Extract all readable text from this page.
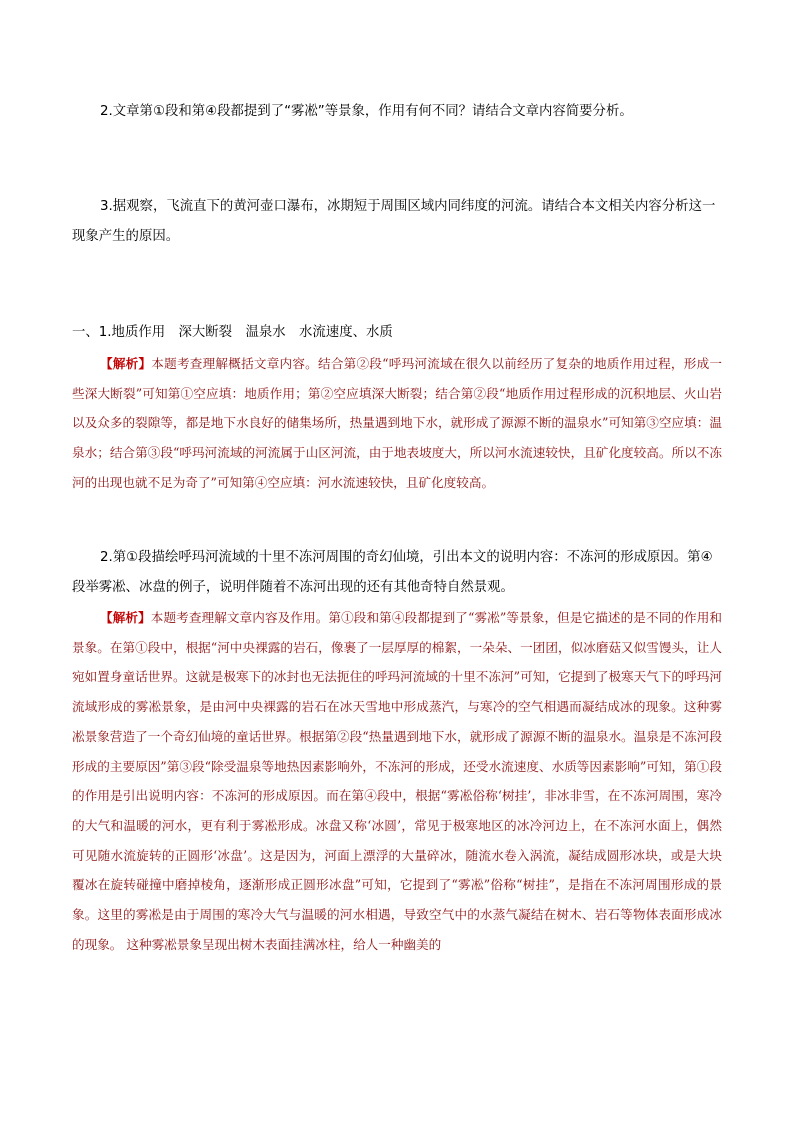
2.文章第①段和第④段都提到了“雾凇”等景象，作用有何不同？请结合文章内容简要分析。

3.据观察，飞流直下的黄河壶口瀑布，冰期短于周围区域内同纬度的河流。请结合本文相关内容分析这一现象产生的原因。

一、1.地质作用　深大断裂　温泉水　水流速度、水质

【解析】本题考查理解概括文章内容。结合第②段“呼玛河流域在很久以前经历了复杂的地质作用过程，形成一些深大断裂”可知第①空应填：地质作用；第②空应填深大断裂；结合第②段“地质作用过程形成的沉积地层、火山岩以及众多的裂隙等，都是地下水良好的储集场所，热量遇到地下水，就形成了源源不断的温泉水”可知第③空应填：温泉水；结合第③段“呼玛河流域的河流属于山区河流，由于地表坡度大，所以河水流速较快，且矿化度较高。所以不冻河的出现也就不足为奇了”可知第④空应填：河水流速较快，且矿化度较高。

2.第①段描绘呼玛河流域的十里不冻河周围的奇幻仙境，引出本文的说明内容：不冻河的形成原因。第④段举雾凇、冰盘的例子，说明伴随着不冻河出现的还有其他奇特自然景观。

【解析】本题考查理解文章内容及作用。第①段和第④段都提到了“雾凇”等景象，但是它描述的是不同的作用和景象。在第①段中，根据“河中央裸露的岩石，像裹了一层厚厚的棉絮，一朵朵、一团团，似冰磨菇又似雪馒头，让人宛如置身童话世界。这就是极寒下的冰封也无法扼住的呼玛河流域的十里不冻河”可知，它提到了极寒天气下的呼玛河流域形成的雾凇景象，是由河中央裸露的岩石在冰天雪地中形成蒸汽，与寒冷的空气相遇而凝结成冰的现象。这种雾凇景象营造了一个奇幻仙境的童话世界。根据第②段“热量遇到地下水，就形成了源源不断的温泉水。温泉是不冻河段形成的主要原因”第③段“除受温泉等地热因素影响外，不冻河的形成，还受水流速度、水质等因素影响”可知，第①段的作用是引出说明内容：不冻河的形成原因。而在第④段中，根据“雾凇俗称‘树挂’，非冰非雪，在不冻河周围，寒冷的大气和温暖的河水，更有利于雾凇形成。冰盘又称‘冰圆’，常见于极寒地区的冰冷河边上，在不冻河水面上，偶然可见随水流旋转的正圆形‘冰盘’。这是因为，河面上漂浮的大量碎冰，随流水卷入涡流，凝结成圆形冰块，或是大块覆冰在旋转碰撞中磨掉棱角，逐渐形成正圆形冰盘”可知，它提到了“雾凇”俗称“树挂”，是指在不冻河周围形成的景象。这里的雾凇是由于周围的寒冷大气与温暖的河水相遇，导致空气中的水蒸气凝结在树木、岩石等物体表面形成冰的现象。 这种雾凇景象呈现出树木表面挂满冰柱，给人一种幽美的
